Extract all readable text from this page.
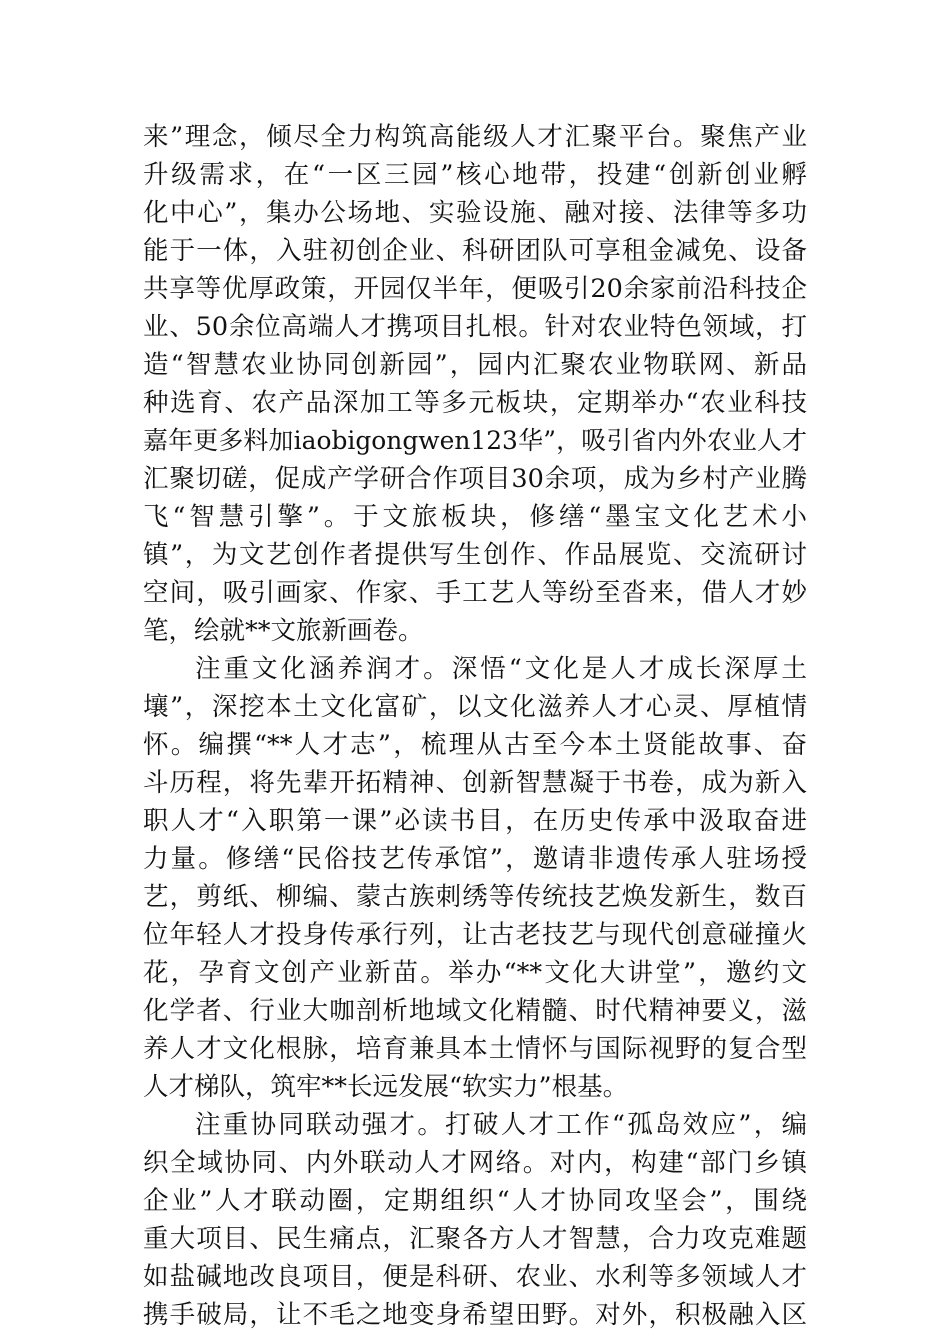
来”理念，倾尽全力构筑高能级人才汇聚平台。聚焦产业
升级需求，在“一区三园”核心地带，投建“创新创业孵
化中心”，集办公场地、实验设施、融对接、法律等多功
能于一体，入驻初创企业、科研团队可享租金减免、设备
共享等优厚政策，开园仅半年，便吸引20余家前沿科技企
业、50余位高端人才携项目扎根。针对农业特色领域，打
造“智慧农业协同创新园”，园内汇聚农业物联网、新品
种选育、农产品深加工等多元板块，定期举办“农业科技
嘉年更多料加iaobigongwen123华”，吸引省内外农业人才
汇聚切磋，促成产学研合作项目30余项，成为乡村产业腾
飞“智慧引擎”。于文旅板块，修缮“墨宝文化艺术小
镇”，为文艺创作者提供写生创作、作品展览、交流研讨
空间，吸引画家、作家、手工艺人等纷至沓来，借人才妙
笔，绘就**文旅新画卷。
注重文化涵养润才。深悟“文化是人才成长深厚土
壤”，深挖本土文化富矿，以文化滋养人才心灵、厚植情
怀。编撰“**人才志”，梳理从古至今本土贤能故事、奋
斗历程，将先辈开拓精神、创新智慧凝于书卷，成为新入
职人才“入职第一课”必读书目，在历史传承中汲取奋进
力量。修缮“民俗技艺传承馆”，邀请非遗传承人驻场授
艺，剪纸、柳编、蒙古族刺绣等传统技艺焕发新生，数百
位年轻人才投身传承行列，让古老技艺与现代创意碰撞火
花，孕育文创产业新苗。举办“**文化大讲堂”，邀约文
化学者、行业大咖剖析地域文化精髓、时代精神要义，滋
养人才文化根脉，培育兼具本土情怀与国际视野的复合型
人才梯队，筑牢**长远发展“软实力”根基。
注重协同联动强才。打破人才工作“孤岛效应”，编
织全域协同、内外联动人才网络。对内，构建“部门乡镇
企业”人才联动圈，定期组织“人才协同攻坚会”，围绕
重大项目、民生痛点，汇聚各方人才智慧，合力攻克难题
如盐碱地改良项目，便是科研、农业、水利等多领域人才
携手破局，让不毛之地变身希望田野。对外，积极融入区
